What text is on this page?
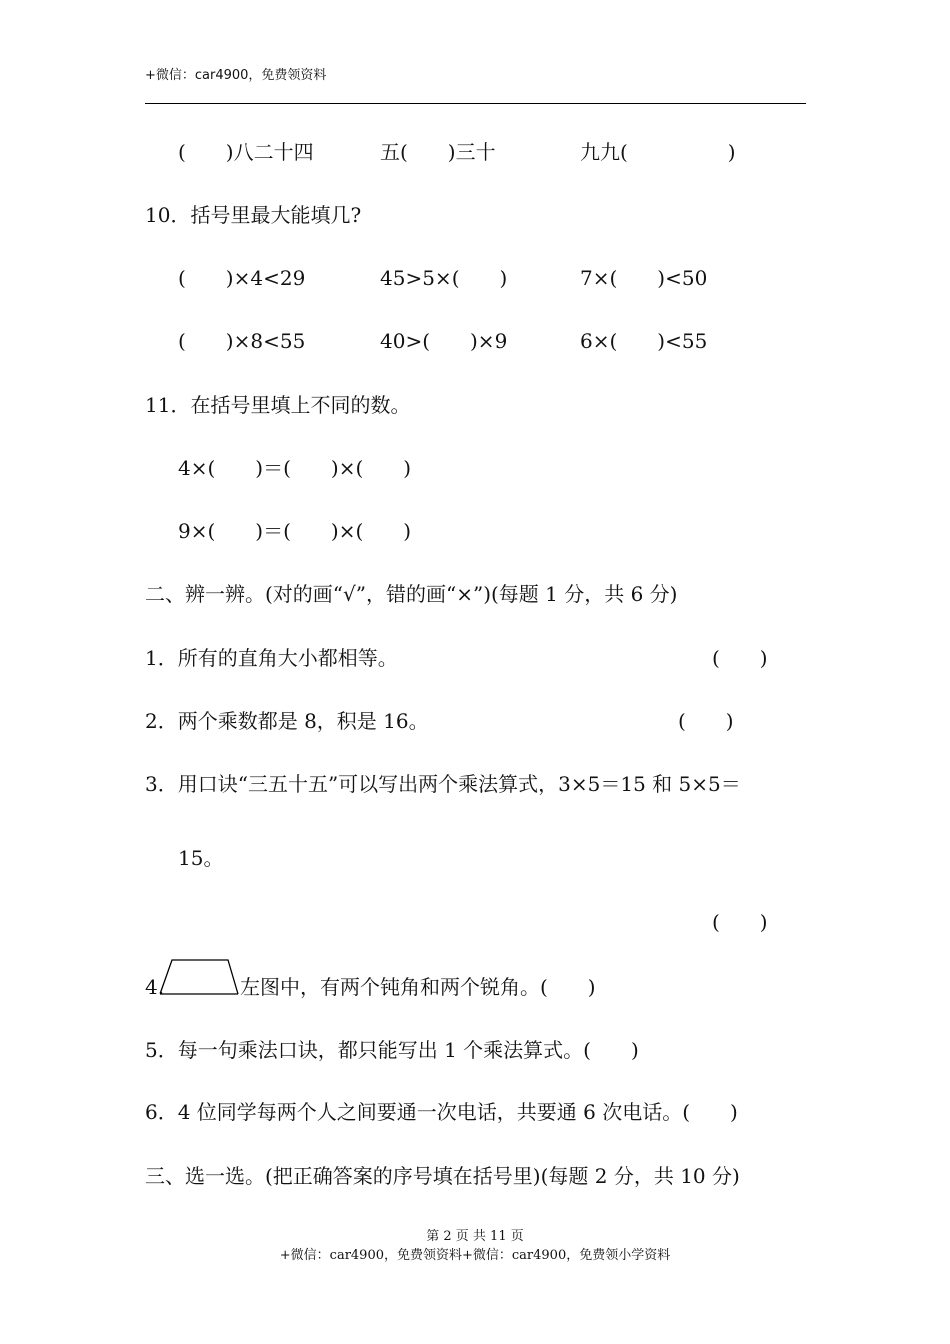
+微信：car4900，免费领资料
(　　)八二十四	五(　　)三十	九九(　　　　　)
10．括号里最大能填几?
(　　)×4<29	45>5×(　　)	7×(　　)<50
(　　)×8<55	40>(　　)×9	6×(　　)<55
11．在括号里填上不同的数。
4×(　　)＝(　　)×(　　)
9×(　　)＝(　　)×(　　)
二、辨一辨。(对的画“√”，错的画“×”)(每题 1 分，共 6 分)
1．所有的直角大小都相等。	(　　)
2．两个乘数都是 8，积是 16。	(　　)
3．用口诀“三五十五”可以写出两个乘法算式，3×5＝15 和 5×5＝
15。
(　　)
4.	左图中，有两个钝角和两个锐角。(　　)
5．每一句乘法口诀，都只能写出 1 个乘法算式。(　　)
6．4 位同学每两个人之间要通一次电话，共要通 6 次电话。(　　)
三、选一选。(把正确答案的序号填在括号里)(每题 2 分，共 10 分)
第 2 页 共 11 页
+微信：car4900，免费领资料+微信：car4900，免费领小学资料
